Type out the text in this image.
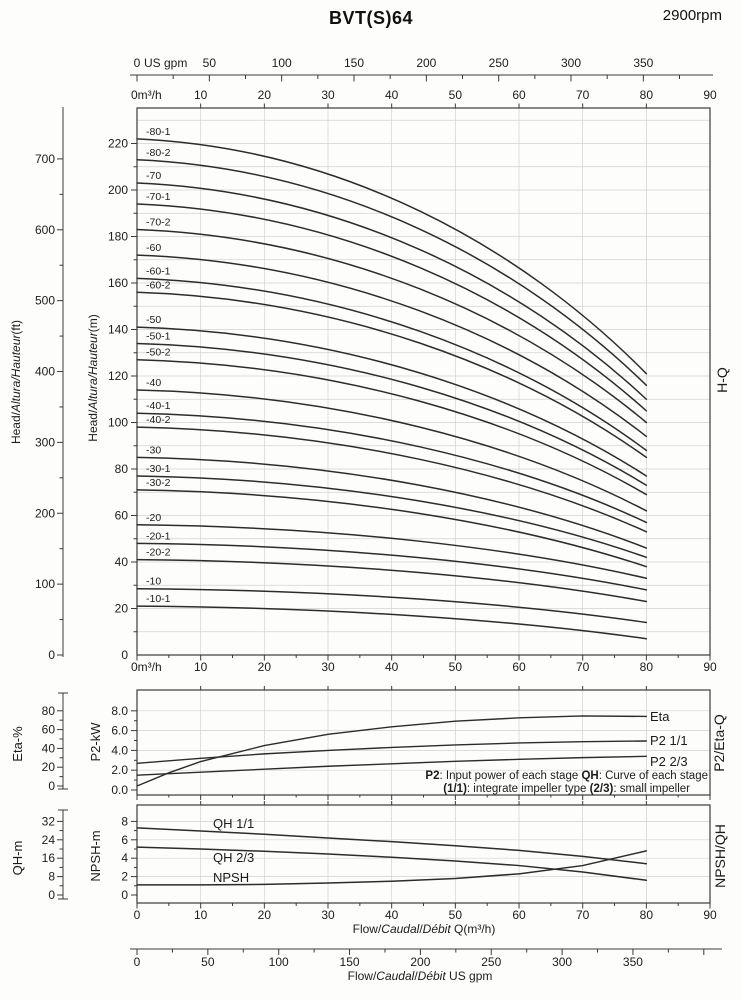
BVT(S)64	2900rpm
0 US gpm 50	100	150	200	250	300	350
0m³/h	10	20	30	40	50	60	70	80	90
-80-1
-80-2
-70
-70-1
-70-2
-60
-60-1
-60-2
-50
-50-1
-50-2
-40
-40-1
-40-2
-30
-30-1
-30-2
-20
-20-1
-20-2
-10
-10-1
0m³/h	10	20	30	40	50	60	70	80	90
0
20
40
60
80
100
120
140
160
180
200
220
Head/Altura/Hauteur(m)
0
100
200
300
400
500
600
700
Head/Altura/Hauteur(ft)
H-Q
0.0
2.0
4.0
6.0
8.0
P2-kW
0
20
40
60
80
Eta-%
Eta
P2 1/1
P2 2/3
P2: Input power of each stage QH: Curve of each stage
(1/1): integrate impeller type (2/3): small impeller
P2/Eta-Q
QH 1/1
QH 2/3
NPSH
0
2
4
6
8
NPSH-m
0
8
16
24
32
QH-m	NPSH/QH
0	10	20	30	40	50	60	70	80	90
Flow/Caudal/Débit Q(m³/h)
0	50	100	150	200	250	300	350
Flow/Caudal/Débit US gpm
